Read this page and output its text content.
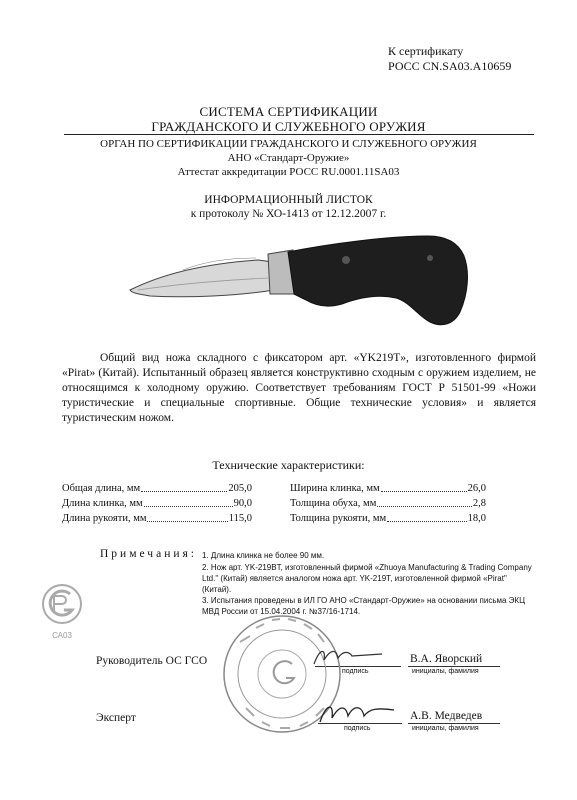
К сертификату
РОСС CN.SA03.A10659
СИСТЕМА СЕРТИФИКАЦИИ
ГРАЖДАНСКОГО И СЛУЖЕБНОГО ОРУЖИЯ
ОРГАН ПО СЕРТИФИКАЦИИ ГРАЖДАНСКОГО И СЛУЖЕБНОГО ОРУЖИЯ
АНО «Стандарт-Оружие»
Аттестат аккредитации РОСС RU.0001.11SA03
ИНФОРМАЦИОННЫЙ ЛИСТОК
к протоколу № ХО-1413 от 12.12.2007 г.

Общий вид ножа складного с фиксатором арт. «YK219T», изготовленного фирмой «Pirat» (Китай). Испытанный образец является конструктивно сходным с оружием изделием, не относящимся к холодному оружию. Соответствует требованиям ГОСТ Р 51501-99 «Ножи туристические и специальные спортивные. Общие технические условия» и является туристическим ножом.

Технические характеристики:
Общая длина, мм	205,0
Длина клинка, мм	90,0
Длина рукояти, мм	115,0
Ширина клинка, мм	26,0
Толщина обуха, мм	2,8
Толщина рукояти, мм	18,0
Примечания: 1. Длина клинка не более 90 мм.
2. Нож арт. YK-219BT, изготовленный фирмой «Zhuoya Manufacturing & Trading Company Ltd." (Китай) является аналогом ножа арт. YK-219T, изготовленной фирмой «Pirat" (Китай).
3. Испытания проведены в ИЛ ГО АНО «Стандарт-Оружие» на основании письма ЭКЦ МВД России от 15.04.2004 г. №37/16-1714.
СА03
Руководитель ОС ГСО
подпись
В.А. Яворский
инициалы, фамилия
Эксперт
подпись
А.В. Медведев
инициалы, фамилия
